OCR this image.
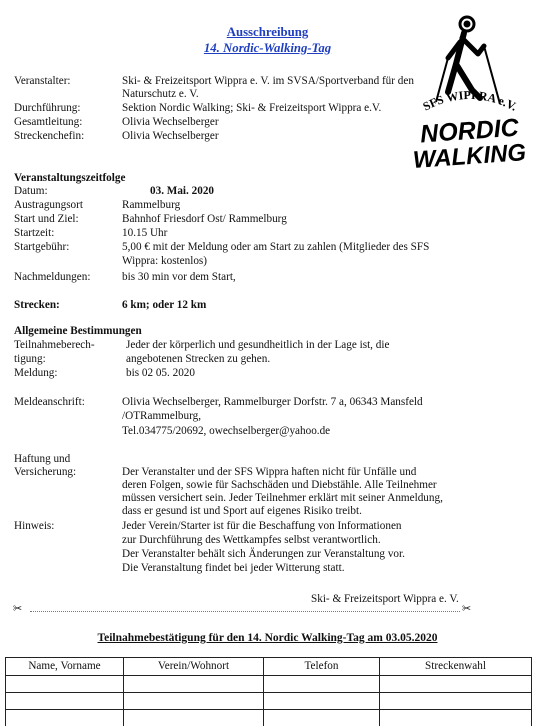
Ausschreibung
14. Nordic-Walking-Tag
SFS WIPPRA e.V.
NORDIC
WALKING
Veranstalter:	Ski- & Freizeitsport Wippra e. V. im SVSA/Sportverband für den
Naturschutz e. V.
Durchführung:	Sektion Nordic Walking; Ski- & Freizeitsport Wippra e.V.
Gesamtleitung:	Olivia Wechselberger
Streckenchefin:	Olivia Wechselberger
Veranstaltungszeitfolge
Datum:	03. Mai. 2020
Austragungsort	Rammelburg
Start und Ziel:	Bahnhof Friesdorf Ost/ Rammelburg
Startzeit:	10.15 Uhr
Startgebühr:	5,00 € mit der Meldung oder am Start zu zahlen (Mitglieder des SFS
Wippra: kostenlos)
Nachmeldungen:	bis 30 min vor dem Start,
Strecken:	6 km; oder 12 km
Allgemeine Bestimmungen
Teilnahmeberech-
tigung:
Jeder der körperlich und gesundheitlich in der Lage ist, die
angebotenen Strecken zu gehen.
Meldung:	bis 02 05. 2020
Meldeanschrift:	Olivia Wechselberger, Rammelburger Dorfstr. 7 a, 06343 Mansfeld
/OTRammelburg,
Tel.034775/20692, owechselberger@yahoo.de
Haftung und
Versicherung:	Der Veranstalter und der SFS Wippra haften nicht für Unfälle und
deren Folgen, sowie für Sachschäden und Diebstähle. Alle Teilnehmer
müssen versichert sein. Jeder Teilnehmer erklärt mit seiner Anmeldung,
dass er gesund ist und Sport auf eigenes Risiko treibt.
Hinweis:	Jeder Verein/Starter ist für die Beschaffung von Informationen
zur Durchführung des Wettkampfes selbst verantwortlich.
Der Veranstalter behält sich Änderungen zur Veranstaltung vor.
Die Veranstaltung findet bei jeder Witterung statt.
Ski- & Freizeitsport Wippra e. V.
✂	✂
Teilnahmebestätigung für den 14. Nordic Walking-Tag am 03.05.2020
Name, Vorname	Verein/Wohnort	Telefon	Streckenwahl
